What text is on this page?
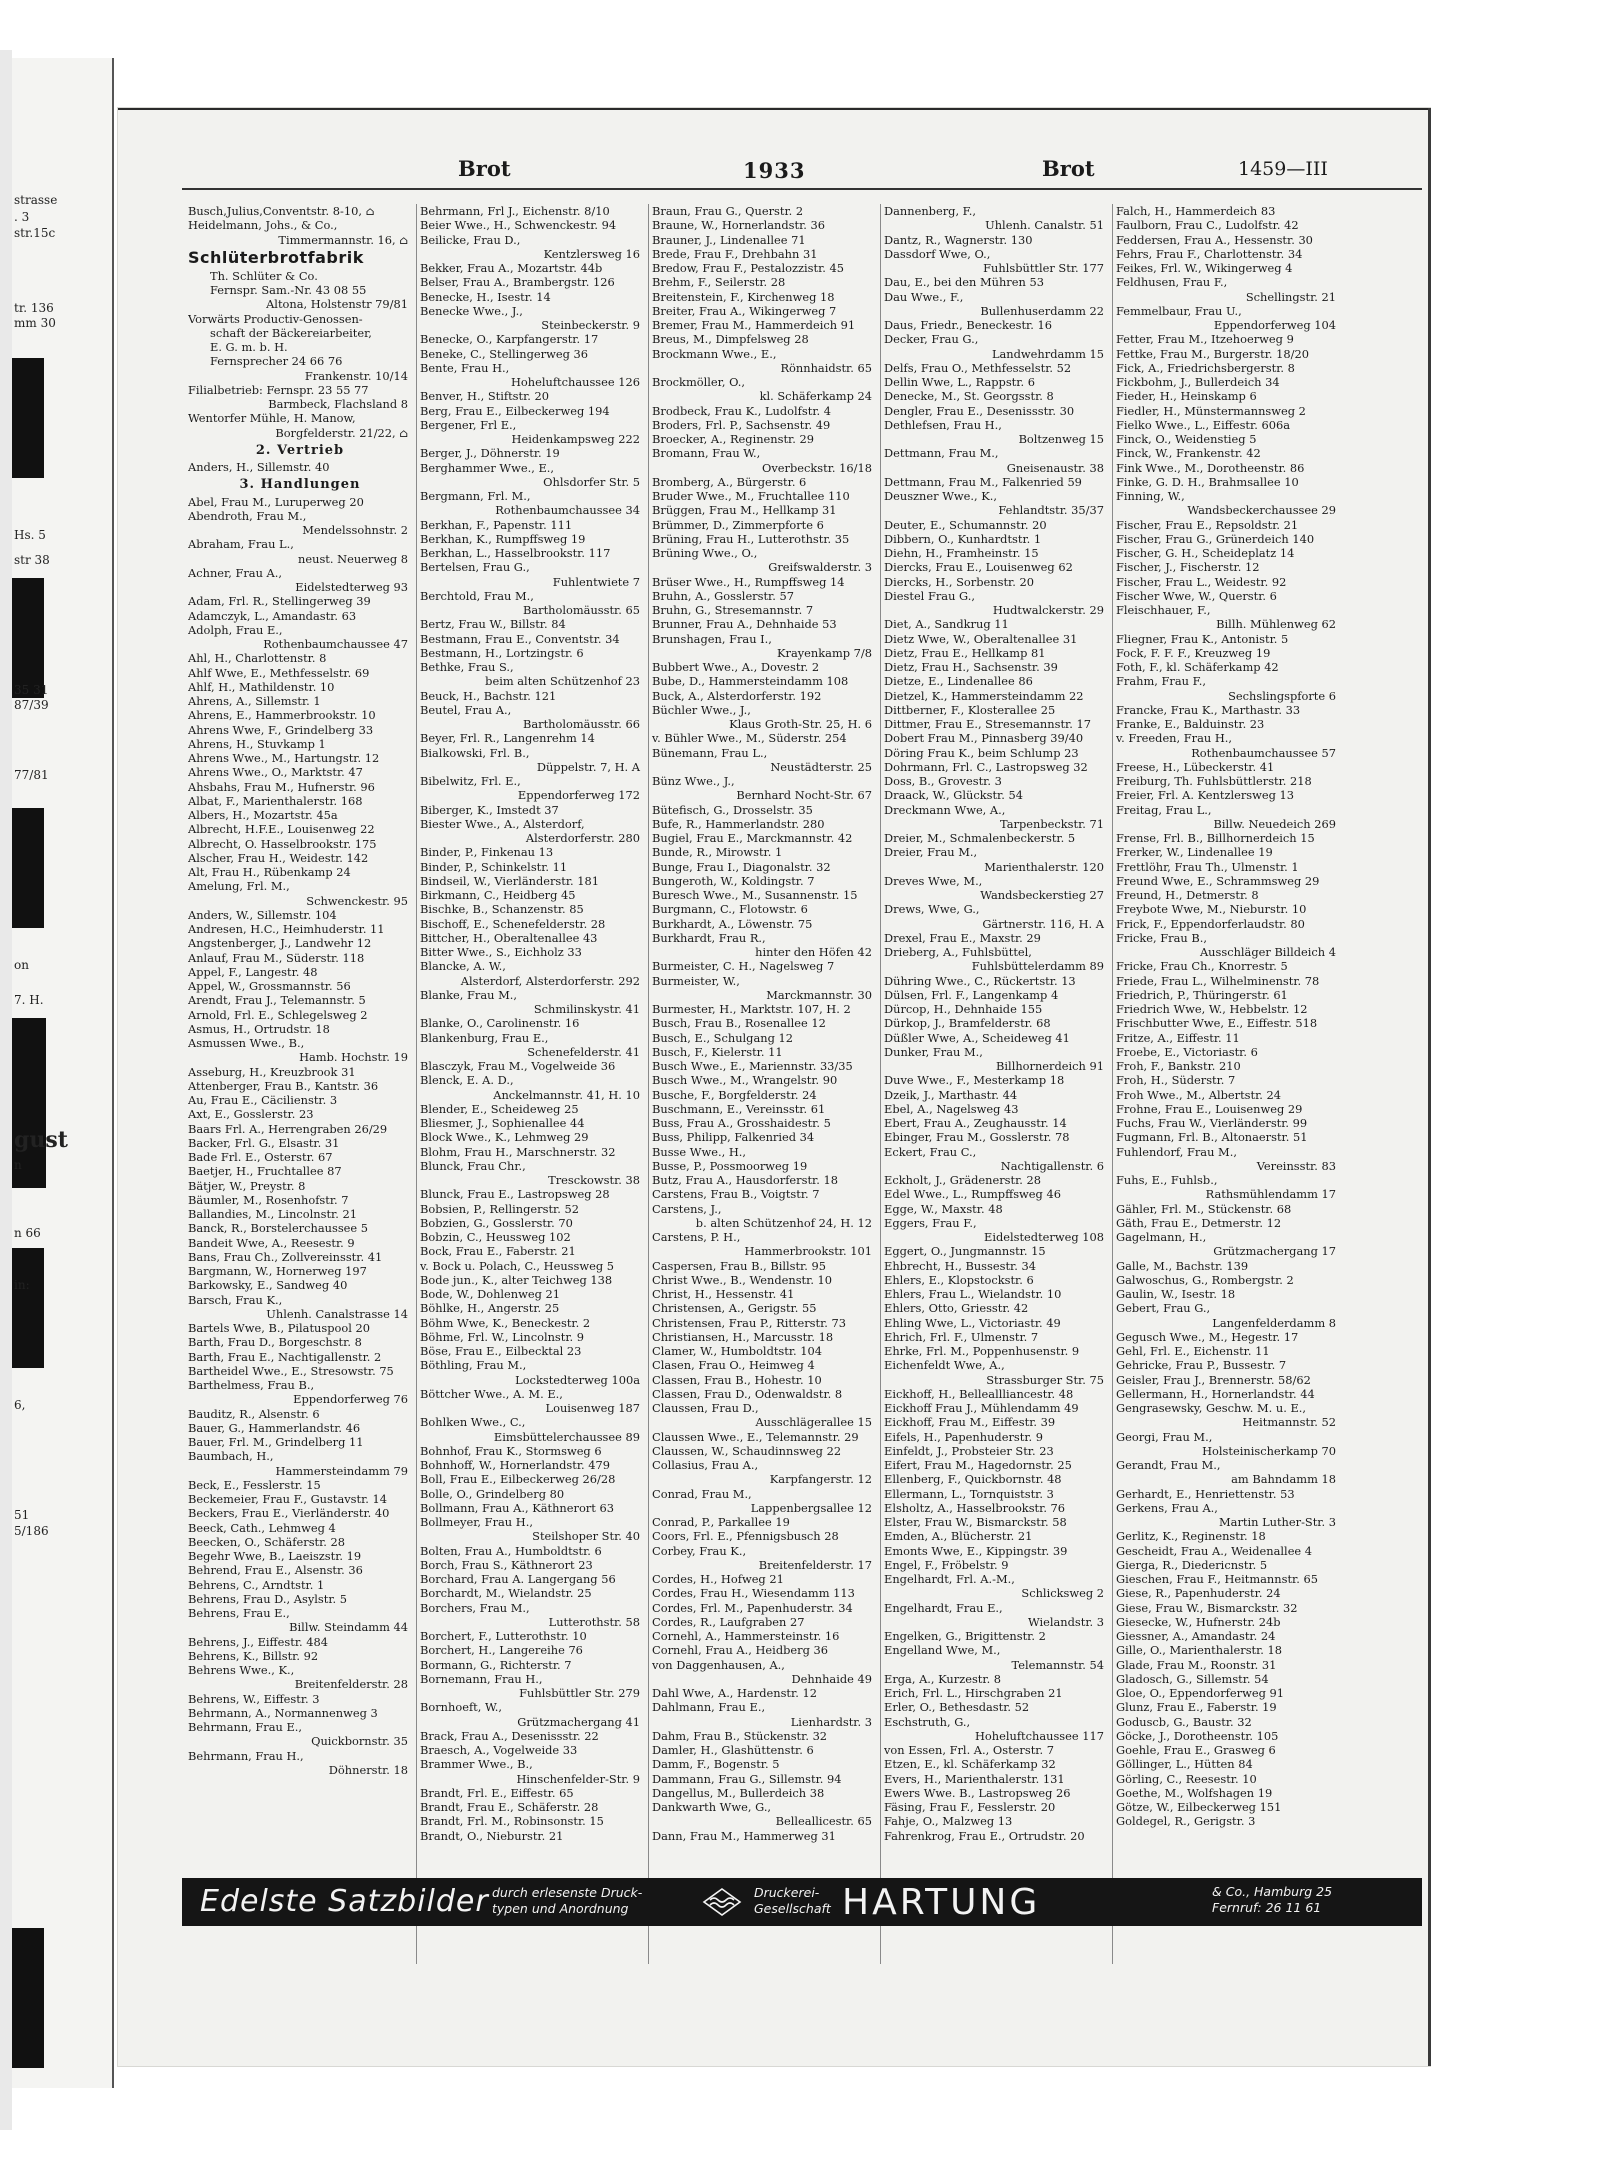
strasse
. 3
str.15c
tr. 136
mm 30
Hs. 5
str 38
35 31
87/39
77/81
on
7. H.
gust
n
n 66
in:
6,
51
5/186
Brot	1933	Brot	1459—III
Busch,Julius,Conventstr. 8-10, ⌂
Heidelmann, Johs., & Co.,
Timmermannstr. 16, ⌂
Schlüterbrotfabrik
Th. Schlüter & Co.
Fernspr. Sam.-Nr. 43 08 55
Altona, Holstenstr 79/81
Vorwärts Productiv-Genossen-
schaft der Bäckereiarbeiter,
E. G. m. b. H.
Fernsprecher 24 66 76
Frankenstr. 10/14
Filialbetrieb: Fernspr. 23 55 77
Barmbeck, Flachsland 8
Wentorfer Mühle, H. Manow,
Borgfelderstr. 21/22, ⌂
2. Vertrieb
Anders, H., Sillemstr. 40
3. Handlungen
Abel, Frau M., Luruperweg 20
Abendroth, Frau M.,
Mendelssohnstr. 2
Abraham, Frau L.,
neust. Neuerweg 8
Achner, Frau A.,
Eidelstedterweg 93
Adam, Frl. R., Stellingerweg 39
Adamczyk, L., Amandastr. 63
Adolph, Frau E.,
Rothenbaumchaussee 47
Ahl, H., Charlottenstr. 8
Ahlf Wwe, E., Methfesselstr. 69
Ahlf, H., Mathildenstr. 10
Ahrens, A., Sillemstr. 1
Ahrens, E., Hammerbrookstr. 10
Ahrens Wwe, F., Grindelberg 33
Ahrens, H., Stuvkamp 1
Ahrens Wwe., M., Hartungstr. 12
Ahrens Wwe., O., Marktstr. 47
Ahsbahs, Frau M., Hufnerstr. 96
Albat, F., Marienthalerstr. 168
Albers, H., Mozartstr. 45a
Albrecht, H.F.E., Louisenweg 22
Albrecht, O. Hasselbrookstr. 175
Alscher, Frau H., Weidestr. 142
Alt, Frau H., Rübenkamp 24
Amelung, Frl. M.,
Schwenckestr. 95
Anders, W., Sillemstr. 104
Andresen, H.C., Heimhuderstr. 11
Angstenberger, J., Landwehr 12
Anlauf, Frau M., Süderstr. 118
Appel, F., Langestr. 48
Appel, W., Grossmannstr. 56
Arendt, Frau J., Telemannstr. 5
Arnold, Frl. E., Schlegelsweg 2
Asmus, H., Ortrudstr. 18
Asmussen Wwe., B.,
Hamb. Hochstr. 19
Asseburg, H., Kreuzbrook 31
Attenberger, Frau B., Kantstr. 36
Au, Frau E., Cäcilienstr. 3
Axt, E., Gosslerstr. 23
Baars Frl. A., Herrengraben 26/29
Backer, Frl. G., Elsastr. 31
Bade Frl. E., Osterstr. 67
Baetjer, H., Fruchtallee 87
Bätjer, W., Preystr. 8
Bäumler, M., Rosenhofstr. 7
Ballandies, M., Lincolnstr. 21
Banck, R., Borstelerchaussee 5
Bandeit Wwe, A., Reesestr. 9
Bans, Frau Ch., Zollvereinsstr. 41
Bargmann, W., Hornerweg 197
Barkowsky, E., Sandweg 40
Barsch, Frau K.,
Uhlenh. Canalstrasse 14
Bartels Wwe, B., Pilatuspool 20
Barth, Frau D., Borgeschstr. 8
Barth, Frau E., Nachtigallenstr. 2
Bartheidel Wwe., E., Stresowstr. 75
Barthelmess, Frau B.,
Eppendorferweg 76
Bauditz, R., Alsenstr. 6
Bauer, G., Hammerlandstr. 46
Bauer, Frl. M., Grindelberg 11
Baumbach, H.,
Hammersteindamm 79
Beck, E., Fesslerstr. 15
Beckemeier, Frau F., Gustavstr. 14
Beckers, Frau E., Vierländerstr. 40
Beeck, Cath., Lehmweg 4
Beecken, O., Schäferstr. 28
Begehr Wwe, B., Laeiszstr. 19
Behrend, Frau E., Alsenstr. 36
Behrens, C., Arndtstr. 1
Behrens, Frau D., Asylstr. 5
Behrens, Frau E.,
Billw. Steindamm 44
Behrens, J., Eiffestr. 484
Behrens, K., Billstr. 92
Behrens Wwe., K.,
Breitenfelderstr. 28
Behrens, W., Eiffestr. 3
Behrmann, A., Normannenweg 3
Behrmann, Frau E.,
Quickbornstr. 35
Behrmann, Frau H.,
Döhnerstr. 18
Behrmann, Frl J., Eichenstr. 8/10
Beier Wwe., H., Schwenckestr. 94
Beilicke, Frau D.,
Kentzlersweg 16
Bekker, Frau A., Mozartstr. 44b
Belser, Frau A., Brambergstr. 126
Benecke, H., Isestr. 14
Benecke Wwe., J.,
Steinbeckerstr. 9
Benecke, O., Karpfangerstr. 17
Beneke, C., Stellingerweg 36
Bente, Frau H.,
Hoheluftchaussee 126
Benver, H., Stiftstr. 20
Berg, Frau E., Eilbeckerweg 194
Bergener, Frl E.,
Heidenkampsweg 222
Berger, J., Döhnerstr. 19
Berghammer Wwe., E.,
Ohlsdorfer Str. 5
Bergmann, Frl. M.,
Rothenbaumchaussee 34
Berkhan, F., Papenstr. 111
Berkhan, K., Rumpffsweg 19
Berkhan, L., Hasselbrookstr. 117
Bertelsen, Frau G.,
Fuhlentwiete 7
Berchtold, Frau M.,
Bartholomäusstr. 65
Bertz, Frau W., Billstr. 84
Bestmann, Frau E., Conventstr. 34
Bestmann, H., Lortzingstr. 6
Bethke, Frau S.,
beim alten Schützenhof 23
Beuck, H., Bachstr. 121
Beutel, Frau A.,
Bartholomäusstr. 66
Beyer, Frl. R., Langenrehm 14
Bialkowski, Frl. B.,
Düppelstr. 7, H. A
Bibelwitz, Frl. E.,
Eppendorferweg 172
Biberger, K., Imstedt 37
Biester Wwe., A., Alsterdorf,
Alsterdorferstr. 280
Binder, P., Finkenau 13
Binder, P., Schinkelstr. 11
Bindseil, W., Vierländerstr. 181
Birkmann, C., Heidberg 45
Bischke, B., Schanzenstr. 85
Bischoff, E., Schenefelderstr. 28
Bittcher, H., Oberaltenallee 43
Bitter Wwe., S., Eichholz 33
Blancke, A. W.,
Alsterdorf, Alsterdorferstr. 292
Blanke, Frau M.,
Schmilinskystr. 41
Blanke, O., Carolinenstr. 16
Blankenburg, Frau E.,
Schenefelderstr. 41
Blasczyk, Frau M., Vogelweide 36
Blenck, E. A. D.,
Anckelmannstr. 41, H. 10
Blender, E., Scheideweg 25
Bliesmer, J., Sophienallee 44
Block Wwe., K., Lehmweg 29
Blohm, Frau H., Marschnerstr. 32
Blunck, Frau Chr.,
Tresckowstr. 38
Blunck, Frau E., Lastropsweg 28
Bobsien, P., Rellingerstr. 52
Bobzien, G., Gosslerstr. 70
Bobzin, C., Heussweg 102
Bock, Frau E., Faberstr. 21
v. Bock u. Polach, C., Heussweg 5
Bode jun., K., alter Teichweg 138
Bode, W., Dohlenweg 21
Böhlke, H., Angerstr. 25
Böhm Wwe, K., Beneckestr. 2
Böhme, Frl. W., Lincolnstr. 9
Böse, Frau E., Eilbecktal 23
Böthling, Frau M.,
Lockstedterweg 100a
Böttcher Wwe., A. M. E.,
Louisenweg 187
Bohlken Wwe., C.,
Eimsbüttelerchaussee 89
Bohnhof, Frau K., Stormsweg 6
Bohnhoff, W., Hornerlandstr. 479
Boll, Frau E., Eilbeckerweg 26/28
Bolle, O., Grindelberg 80
Bollmann, Frau A., Käthnerort 63
Bollmeyer, Frau H.,
Steilshoper Str. 40
Bolten, Frau A., Humboldtstr. 6
Borch, Frau S., Käthnerort 23
Borchard, Frau A. Langergang 56
Borchardt, M., Wielandstr. 25
Borchers, Frau M.,
Lutterothstr. 58
Borchert, F., Lutterothstr. 10
Borchert, H., Langereihe 76
Bormann, G., Richterstr. 7
Bornemann, Frau H.,
Fuhlsbüttler Str. 279
Bornhoeft, W.,
Grützmachergang 41
Brack, Frau A., Desenissstr. 22
Braesch, A., Vogelweide 33
Brammer Wwe., B.,
Hinschenfelder-Str. 9
Brandt, Frl. E., Eiffestr. 65
Brandt, Frau E., Schäferstr. 28
Brandt, Frl. M., Robinsonstr. 15
Brandt, O., Nieburstr. 21
Braun, Frau G., Querstr. 2
Braune, W., Hornerlandstr. 36
Brauner, J., Lindenallee 71
Brede, Frau F., Drehbahn 31
Bredow, Frau F., Pestalozzistr. 45
Brehm, F., Seilerstr. 28
Breitenstein, F., Kirchenweg 18
Breiter, Frau A., Wikingerweg 7
Bremer, Frau M., Hammerdeich 91
Breus, M., Dimpfelsweg 28
Brockmann Wwe., E.,
Rönnhaidstr. 65
Brockmöller, O.,
kl. Schäferkamp 24
Brodbeck, Frau K., Ludolfstr. 4
Broders, Frl. P., Sachsenstr. 49
Broecker, A., Reginenstr. 29
Bromann, Frau W.,
Overbeckstr. 16/18
Bromberg, A., Bürgerstr. 6
Bruder Wwe., M., Fruchtallee 110
Brüggen, Frau M., Hellkamp 31
Brümmer, D., Zimmerpforte 6
Brüning, Frau H., Lutterothstr. 35
Brüning Wwe., O.,
Greifswalderstr. 3
Brüser Wwe., H., Rumpffsweg 14
Bruhn, A., Gosslerstr. 57
Bruhn, G., Stresemannstr. 7
Brunner, Frau A., Dehnhaide 53
Brunshagen, Frau I.,
Krayenkamp 7/8
Bubbert Wwe., A., Dovestr. 2
Bube, D., Hammersteindamm 108
Buck, A., Alsterdorferstr. 192
Büchler Wwe., J.,
Klaus Groth-Str. 25, H. 6
v. Bühler Wwe., M., Süderstr. 254
Bünemann, Frau L.,
Neustädterstr. 25
Bünz Wwe., J.,
Bernhard Nocht-Str. 67
Bütefisch, G., Drosselstr. 35
Bufe, R., Hammerlandstr. 280
Bugiel, Frau E., Marckmannstr. 42
Bunde, R., Mirowstr. 1
Bunge, Frau I., Diagonalstr. 32
Bungeroth, W., Koldingstr. 7
Buresch Wwe., M., Susannenstr. 15
Burgmann, C., Flotowstr. 6
Burkhardt, A., Löwenstr. 75
Burkhardt, Frau R.,
hinter den Höfen 42
Burmeister, C. H., Nagelsweg 7
Burmeister, W.,
Marckmannstr. 30
Burmester, H., Marktstr. 107, H. 2
Busch, Frau B., Rosenallee 12
Busch, E., Schulgang 12
Busch, F., Kielerstr. 11
Busch Wwe., E., Mariennstr. 33/35
Busch Wwe., M., Wrangelstr. 90
Busche, F., Borgfelderstr. 24
Buschmann, E., Vereinsstr. 61
Buss, Frau A., Grosshaidestr. 5
Buss, Philipp, Falkenried 34
Busse Wwe., H.,
Busse, P., Possmoorweg 19
Butz, Frau A., Hausdorferstr. 18
Carstens, Frau B., Voigtstr. 7
Carstens, J.,
b. alten Schützenhof 24, H. 12
Carstens, P. H.,
Hammerbrookstr. 101
Caspersen, Frau B., Billstr. 95
Christ Wwe., B., Wendenstr. 10
Christ, H., Hessenstr. 41
Christensen, A., Gerigstr. 55
Christensen, Frau P., Ritterstr. 73
Christiansen, H., Marcusstr. 18
Clamer, W., Humboldtstr. 104
Clasen, Frau O., Heimweg 4
Classen, Frau B., Hohestr. 10
Classen, Frau D., Odenwaldstr. 8
Claussen, Frau D.,
Ausschlägerallee 15
Claussen Wwe., E., Telemannstr. 29
Claussen, W., Schaudinnsweg 22
Collasius, Frau A.,
Karpfangerstr. 12
Conrad, Frau M.,
Lappenbergsallee 12
Conrad, P., Parkallee 19
Coors, Frl. E., Pfennigsbusch 28
Corbey, Frau K.,
Breitenfelderstr. 17
Cordes, H., Hofweg 21
Cordes, Frau H., Wiesendamm 113
Cordes, Frl. M., Papenhuderstr. 34
Cordes, R., Laufgraben 27
Cornehl, A., Hammersteinstr. 16
Cornehl, Frau A., Heidberg 36
von Daggenhausen, A.,
Dehnhaide 49
Dahl Wwe, A., Hardenstr. 12
Dahlmann, Frau E.,
Lienhardstr. 3
Dahm, Frau B., Stückenstr. 32
Damler, H., Glashüttenstr. 6
Damm, F., Bogenstr. 5
Dammann, Frau G., Sillemstr. 94
Dangellus, M., Bullerdeich 38
Dankwarth Wwe, G.,
Belleallicestr. 65
Dann, Frau M., Hammerweg 31
Dannenberg, F.,
Uhlenh. Canalstr. 51
Dantz, R., Wagnerstr. 130
Dassdorf Wwe, O.,
Fuhlsbüttler Str. 177
Dau, E., bei den Mühren 53
Dau Wwe., F.,
Bullenhuserdamm 22
Daus, Friedr., Beneckestr. 16
Decker, Frau G.,
Landwehrdamm 15
Delfs, Frau O., Methfesselstr. 52
Dellin Wwe, L., Rappstr. 6
Denecke, M., St. Georgsstr. 8
Dengler, Frau E., Desenissstr. 30
Dethlefsen, Frau H.,
Boltzenweg 15
Dettmann, Frau M.,
Gneisenaustr. 38
Dettmann, Frau M., Falkenried 59
Deuszner Wwe., K.,
Fehlandtstr. 35/37
Deuter, E., Schumannstr. 20
Dibbern, O., Kunhardtstr. 1
Diehn, H., Framheinstr. 15
Diercks, Frau E., Louisenweg 62
Diercks, H., Sorbenstr. 20
Diestel Frau G.,
Hudtwalckerstr. 29
Diet, A., Sandkrug 11
Dietz Wwe, W., Oberaltenallee 31
Dietz, Frau E., Hellkamp 81
Dietz, Frau H., Sachsenstr. 39
Dietze, E., Lindenallee 86
Dietzel, K., Hammersteindamm 22
Dittberner, F., Klosterallee 25
Dittmer, Frau E., Stresemannstr. 17
Dobert Frau M., Pinnasberg 39/40
Döring Frau K., beim Schlump 23
Dohrmann, Frl. C., Lastropsweg 32
Doss, B., Grovestr. 3
Draack, W., Glückstr. 54
Dreckmann Wwe, A.,
Tarpenbeckstr. 71
Dreier, M., Schmalenbeckerstr. 5
Dreier, Frau M.,
Marienthalerstr. 120
Dreves Wwe, M.,
Wandsbeckerstieg 27
Drews, Wwe, G.,
Gärtnerstr. 116, H. A
Drexel, Frau E., Maxstr. 29
Drieberg, A., Fuhlsbüttel,
Fuhlsbüttelerdamm 89
Dühring Wwe., C., Rückertstr. 13
Dülsen, Frl. F., Langenkamp 4
Dürcop, H., Dehnhaide 155
Dürkop, J., Bramfelderstr. 68
Düßler Wwe, A., Scheideweg 41
Dunker, Frau M.,
Billhornerdeich 91
Duve Wwe., F., Mesterkamp 18
Dzeik, J., Marthastr. 44
Ebel, A., Nagelsweg 43
Ebert, Frau A., Zeughausstr. 14
Ebinger, Frau M., Gosslerstr. 78
Eckert, Frau C.,
Nachtigallenstr. 6
Eckholt, J., Grädenerstr. 28
Edel Wwe., L., Rumpffsweg 46
Egge, W., Maxstr. 48
Eggers, Frau F.,
Eidelstedterweg 108
Eggert, O., Jungmannstr. 15
Ehbrecht, H., Bussestr. 34
Ehlers, E., Klopstockstr. 6
Ehlers, Frau L., Wielandstr. 10
Ehlers, Otto, Griesstr. 42
Ehling Wwe, L., Victoriastr. 49
Ehrich, Frl. F., Ulmenstr. 7
Ehrke, Frl. M., Poppenhusenstr. 9
Eichenfeldt Wwe, A.,
Strassburger Str. 75
Eickhoff, H., Belleallliancestr. 48
Eickhoff Frau J., Mühlendamm 49
Eickhoff, Frau M., Eiffestr. 39
Eifels, H., Papenhuderstr. 9
Einfeldt, J., Probsteier Str. 23
Eifert, Frau M., Hagedornstr. 25
Ellenberg, F., Quickbornstr. 48
Ellermann, L., Tornquiststr. 3
Elsholtz, A., Hasselbrookstr. 76
Elster, Frau W., Bismarckstr. 58
Emden, A., Blücherstr. 21
Emonts Wwe, E., Kippingstr. 39
Engel, F., Fröbelstr. 9
Engelhardt, Frl. A.-M.,
Schlicksweg 2
Engelhardt, Frau E.,
Wielandstr. 3
Engelken, G., Brigittenstr. 2
Engelland Wwe, M.,
Telemannstr. 54
Erga, A., Kurzestr. 8
Erich, Frl. L., Hirschgraben 21
Erler, O., Bethesdastr. 52
Eschstruth, G.,
Hoheluftchaussee 117
von Essen, Frl. A., Osterstr. 7
Etzen, E., kl. Schäferkamp 32
Evers, H., Marienthalerstr. 131
Ewers Wwe. B., Lastropsweg 26
Fäsing, Frau F., Fesslerstr. 20
Fahje, O., Malzweg 13
Fahrenkrog, Frau E., Ortrudstr. 20
Falch, H., Hammerdeich 83
Faulborn, Frau C., Ludolfstr. 42
Feddersen, Frau A., Hessenstr. 30
Fehrs, Frau F., Charlottenstr. 34
Feikes, Frl. W., Wikingerweg 4
Feldhusen, Frau F.,
Schellingstr. 21
Femmelbaur, Frau U.,
Eppendorferweg 104
Fetter, Frau M., Itzehoerweg 9
Fettke, Frau M., Burgerstr. 18/20
Fick, A., Friedrichsbergerstr. 8
Fickbohm, J., Bullerdeich 34
Fieder, H., Heinskamp 6
Fiedler, H., Münstermannsweg 2
Fielko Wwe., L., Eiffestr. 606a
Finck, O., Weidenstieg 5
Finck, W., Frankenstr. 42
Fink Wwe., M., Dorotheenstr. 86
Finke, G. D. H., Brahmsallee 10
Finning, W.,
Wandsbeckerchaussee 29
Fischer, Frau E., Repsoldstr. 21
Fischer, Frau G., Grünerdeich 140
Fischer, G. H., Scheideplatz 14
Fischer, J., Fischerstr. 12
Fischer, Frau L., Weidestr. 92
Fischer Wwe, W., Querstr. 6
Fleischhauer, F.,
Billh. Mühlenweg 62
Fliegner, Frau K., Antonistr. 5
Fock, F. F. F., Kreuzweg 19
Foth, F., kl. Schäferkamp 42
Frahm, Frau F.,
Sechslingspforte 6
Francke, Frau K., Marthastr. 33
Franke, E., Balduinstr. 23
v. Freeden, Frau H.,
Rothenbaumchaussee 57
Freese, H., Lübeckerstr. 41
Freiburg, Th. Fuhlsbüttlerstr. 218
Freier, Frl. A. Kentzlersweg 13
Freitag, Frau L.,
Billw. Neuedeich 269
Frense, Frl. B., Billhornerdeich 15
Frerker, W., Lindenallee 19
Frettlöhr, Frau Th., Ulmenstr. 1
Freund Wwe, E., Schrammsweg 29
Freund, H., Detmerstr. 8
Freybote Wwe, M., Nieburstr. 10
Frick, F., Eppendorferlaudstr. 80
Fricke, Frau B.,
Ausschläger Billdeich 4
Fricke, Frau Ch., Knorrestr. 5
Friede, Frau L., Wilhelminenstr. 78
Friedrich, P., Thüringerstr. 61
Friedrich Wwe, W., Hebbelstr. 12
Frischbutter Wwe, E., Eiffestr. 518
Fritze, A., Eiffestr. 11
Froebe, E., Victoriastr. 6
Froh, F., Bankstr. 210
Froh, H., Süderstr. 7
Froh Wwe., M., Albertstr. 24
Frohne, Frau E., Louisenweg 29
Fuchs, Frau W., Vierländerstr. 99
Fugmann, Frl. B., Altonaerstr. 51
Fuhlendorf, Frau M.,
Vereinsstr. 83
Fuhs, E., Fuhlsb.,
Rathsmühlendamm 17
Gähler, Frl. M., Stückenstr. 68
Gäth, Frau E., Detmerstr. 12
Gagelmann, H.,
Grützmachergang 17
Galle, M., Bachstr. 139
Galwoschus, G., Rombergstr. 2
Gaulin, W., Isestr. 18
Gebert, Frau G.,
Langenfelderdamm 8
Gegusch Wwe., M., Hegestr. 17
Gehl, Frl. E., Eichenstr. 11
Gehricke, Frau P., Bussestr. 7
Geisler, Frau J., Brennerstr. 58/62
Gellermann, H., Hornerlandstr. 44
Gengrasewsky, Geschw. M. u. E.,
Heitmannstr. 52
Georgi, Frau M.,
Holsteinischerkamp 70
Gerandt, Frau M.,
am Bahndamm 18
Gerhardt, E., Henriettenstr. 53
Gerkens, Frau A.,
Martin Luther-Str. 3
Gerlitz, K., Reginenstr. 18
Gescheidt, Frau A., Weidenallee 4
Gierga, R., Diedericnstr. 5
Gieschen, Frau F., Heitmannstr. 65
Giese, R., Papenhuderstr. 24
Giese, Frau W., Bismarckstr. 32
Giesecke, W., Hufnerstr. 24b
Giessner, A., Amandastr. 24
Gille, O., Marienthalerstr. 18
Glade, Frau M., Roonstr. 31
Gladosch, G., Sillemstr. 54
Gloe, O., Eppendorferweg 91
Glunz, Frau E., Faberstr. 19
Goduscb, G., Baustr. 32
Göcke, J., Dorotheenstr. 105
Goehle, Frau E., Grasweg 6
Göllinger, L., Hütten 84
Görling, C., Reesestr. 10
Goethe, M., Wolfshagen 19
Götze, W., Eilbeckerweg 151
Goldegel, R., Gerigstr. 3
Edelste Satzbilder durch erlesenste Druck-
typen und Anordnung
Druckerei-
Gesellschaft HARTUNG	& Co., Hamburg 25
Fernruf: 26 11 61
